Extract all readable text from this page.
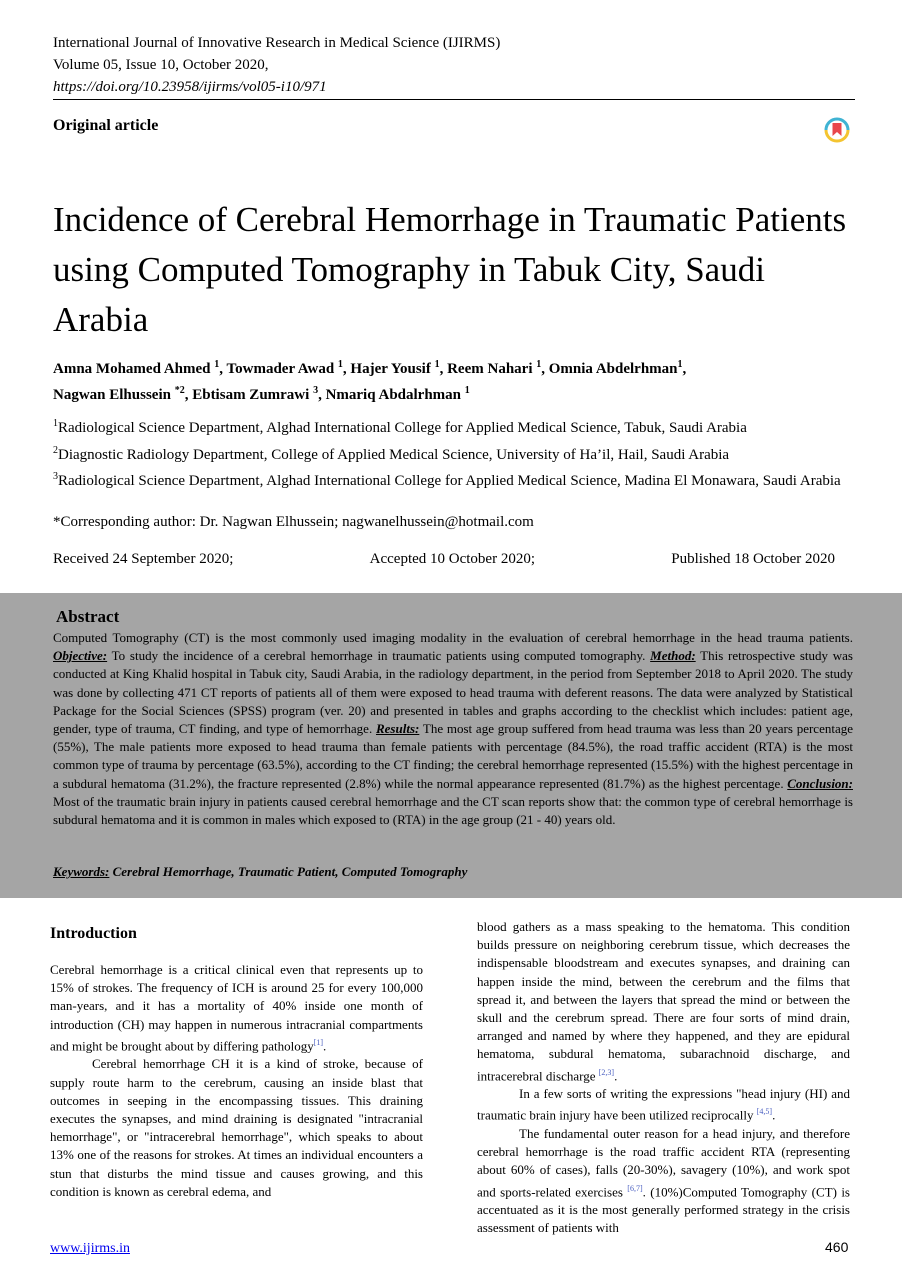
International Journal of Innovative Research in Medical Science (IJIRMS)
Volume 05, Issue 10, October 2020,
https://doi.org/10.23958/ijirms/vol05-i10/971
Original article
Incidence of Cerebral Hemorrhage in Traumatic Patients using Computed Tomography in Tabuk City, Saudi Arabia
Amna Mohamed Ahmed $^1$, Towmader Awad $^1$, Hajer Yousif $^1$, Reem Nahari $^1$, Omnia Abdelrhman$^1$,
Nagwan Elhussein $^{*2}$, Ebtisam Zumrawi $^3$, Nmariq Abdalrhman $^1$
$^1$Radiological Science Department, Alghad International College for Applied Medical Science, Tabuk, Saudi Arabia
$^2$Diagnostic Radiology Department, College of Applied Medical Science, University of Ha’il, Hail, Saudi Arabia
$^3$Radiological Science Department, Alghad International College for Applied Medical Science, Madina El Monawara, Saudi Arabia
*Corresponding author: Dr. Nagwan Elhussein; nagwanelhussein@hotmail.com
Received 24 September 2020;	Accepted 10 October 2020;	Published 18 October 2020
Abstract
Computed Tomography (CT) is the most commonly used imaging modality in the evaluation of cerebral hemorrhage in the head trauma patients. Objective: To study the incidence of a cerebral hemorrhage in traumatic patients using computed tomography. Method: This retrospective study was conducted at King Khalid hospital in Tabuk city, Saudi Arabia, in the radiology department, in the period from September 2018 to April 2020. The study was done by collecting 471 CT reports of patients all of them were exposed to head trauma with deferent reasons. The data were analyzed by Statistical Package for the Social Sciences (SPSS) program (ver. 20) and presented in tables and graphs according to the checklist which includes: patient age, gender, type of trauma, CT finding, and type of hemorrhage. Results: The most age group suffered from head trauma was less than 20 years percentage (55%), The male patients more exposed to head trauma than female patients with percentage (84.5%), the road traffic accident (RTA) is the most common type of trauma by percentage (63.5%), according to the CT finding; the cerebral hemorrhage represented (15.5%) with the highest percentage in a subdural hematoma (31.2%), the fracture represented (2.8%) while the normal appearance represented (81.7%) as the highest percentage. Conclusion: Most of the traumatic brain injury in patients caused cerebral hemorrhage and the CT scan reports show that: the common type of cerebral hemorrhage is subdural hematoma and it is common in males which exposed to (RTA) in the age group (21 - 40) years old.
Keywords: Cerebral Hemorrhage, Traumatic Patient, Computed Tomography
Introduction

Cerebral hemorrhage is a critical clinical even that represents up to 15% of strokes. The frequency of ICH is around 25 for every 100,000 man-years, and it has a mortality of 40% inside one month of introduction (CH) may happen in numerous intracranial compartments and might be brought about by differing pathology[1].

Cerebral hemorrhage CH it is a kind of stroke, because of supply route harm to the cerebrum, causing an inside blast that outcomes in seeping in the encompassing tissues. This draining executes the synapses, and mind draining is designated "intracranial hemorrhage", or "intracerebral hemorrhage", which speaks to about 13% one of the reasons for strokes. At times an individual encounters a stun that disturbs the mind tissue and causes growing, and this condition is known as cerebral edema, and

blood gathers as a mass speaking to the hematoma. This condition builds pressure on neighboring cerebrum tissue, which decreases the indispensable bloodstream and executes synapses, and draining can happen inside the mind, between the cerebrum and the films that spread it, and between the layers that spread the mind or between the skull and the cerebrum spread. There are four sorts of mind drain, arranged and named by where they happened, and they are epidural hematoma, subdural hematoma, subarachnoid discharge, and intracerebral discharge [2,3].

In a few sorts of writing the expressions "head injury (HI) and traumatic brain injury have been utilized reciprocally [4,5].

The fundamental outer reason for a head injury, and therefore cerebral hemorrhage is the road traffic accident RTA (representing about 60% of cases), falls (20-30%), savagery (10%), and work spot and sports-related exercises [6,7]. (10%)Computed Tomography (CT) is accentuated as it is the most generally performed strategy in the crisis assessment of patients with

www.ijirms.in	460
